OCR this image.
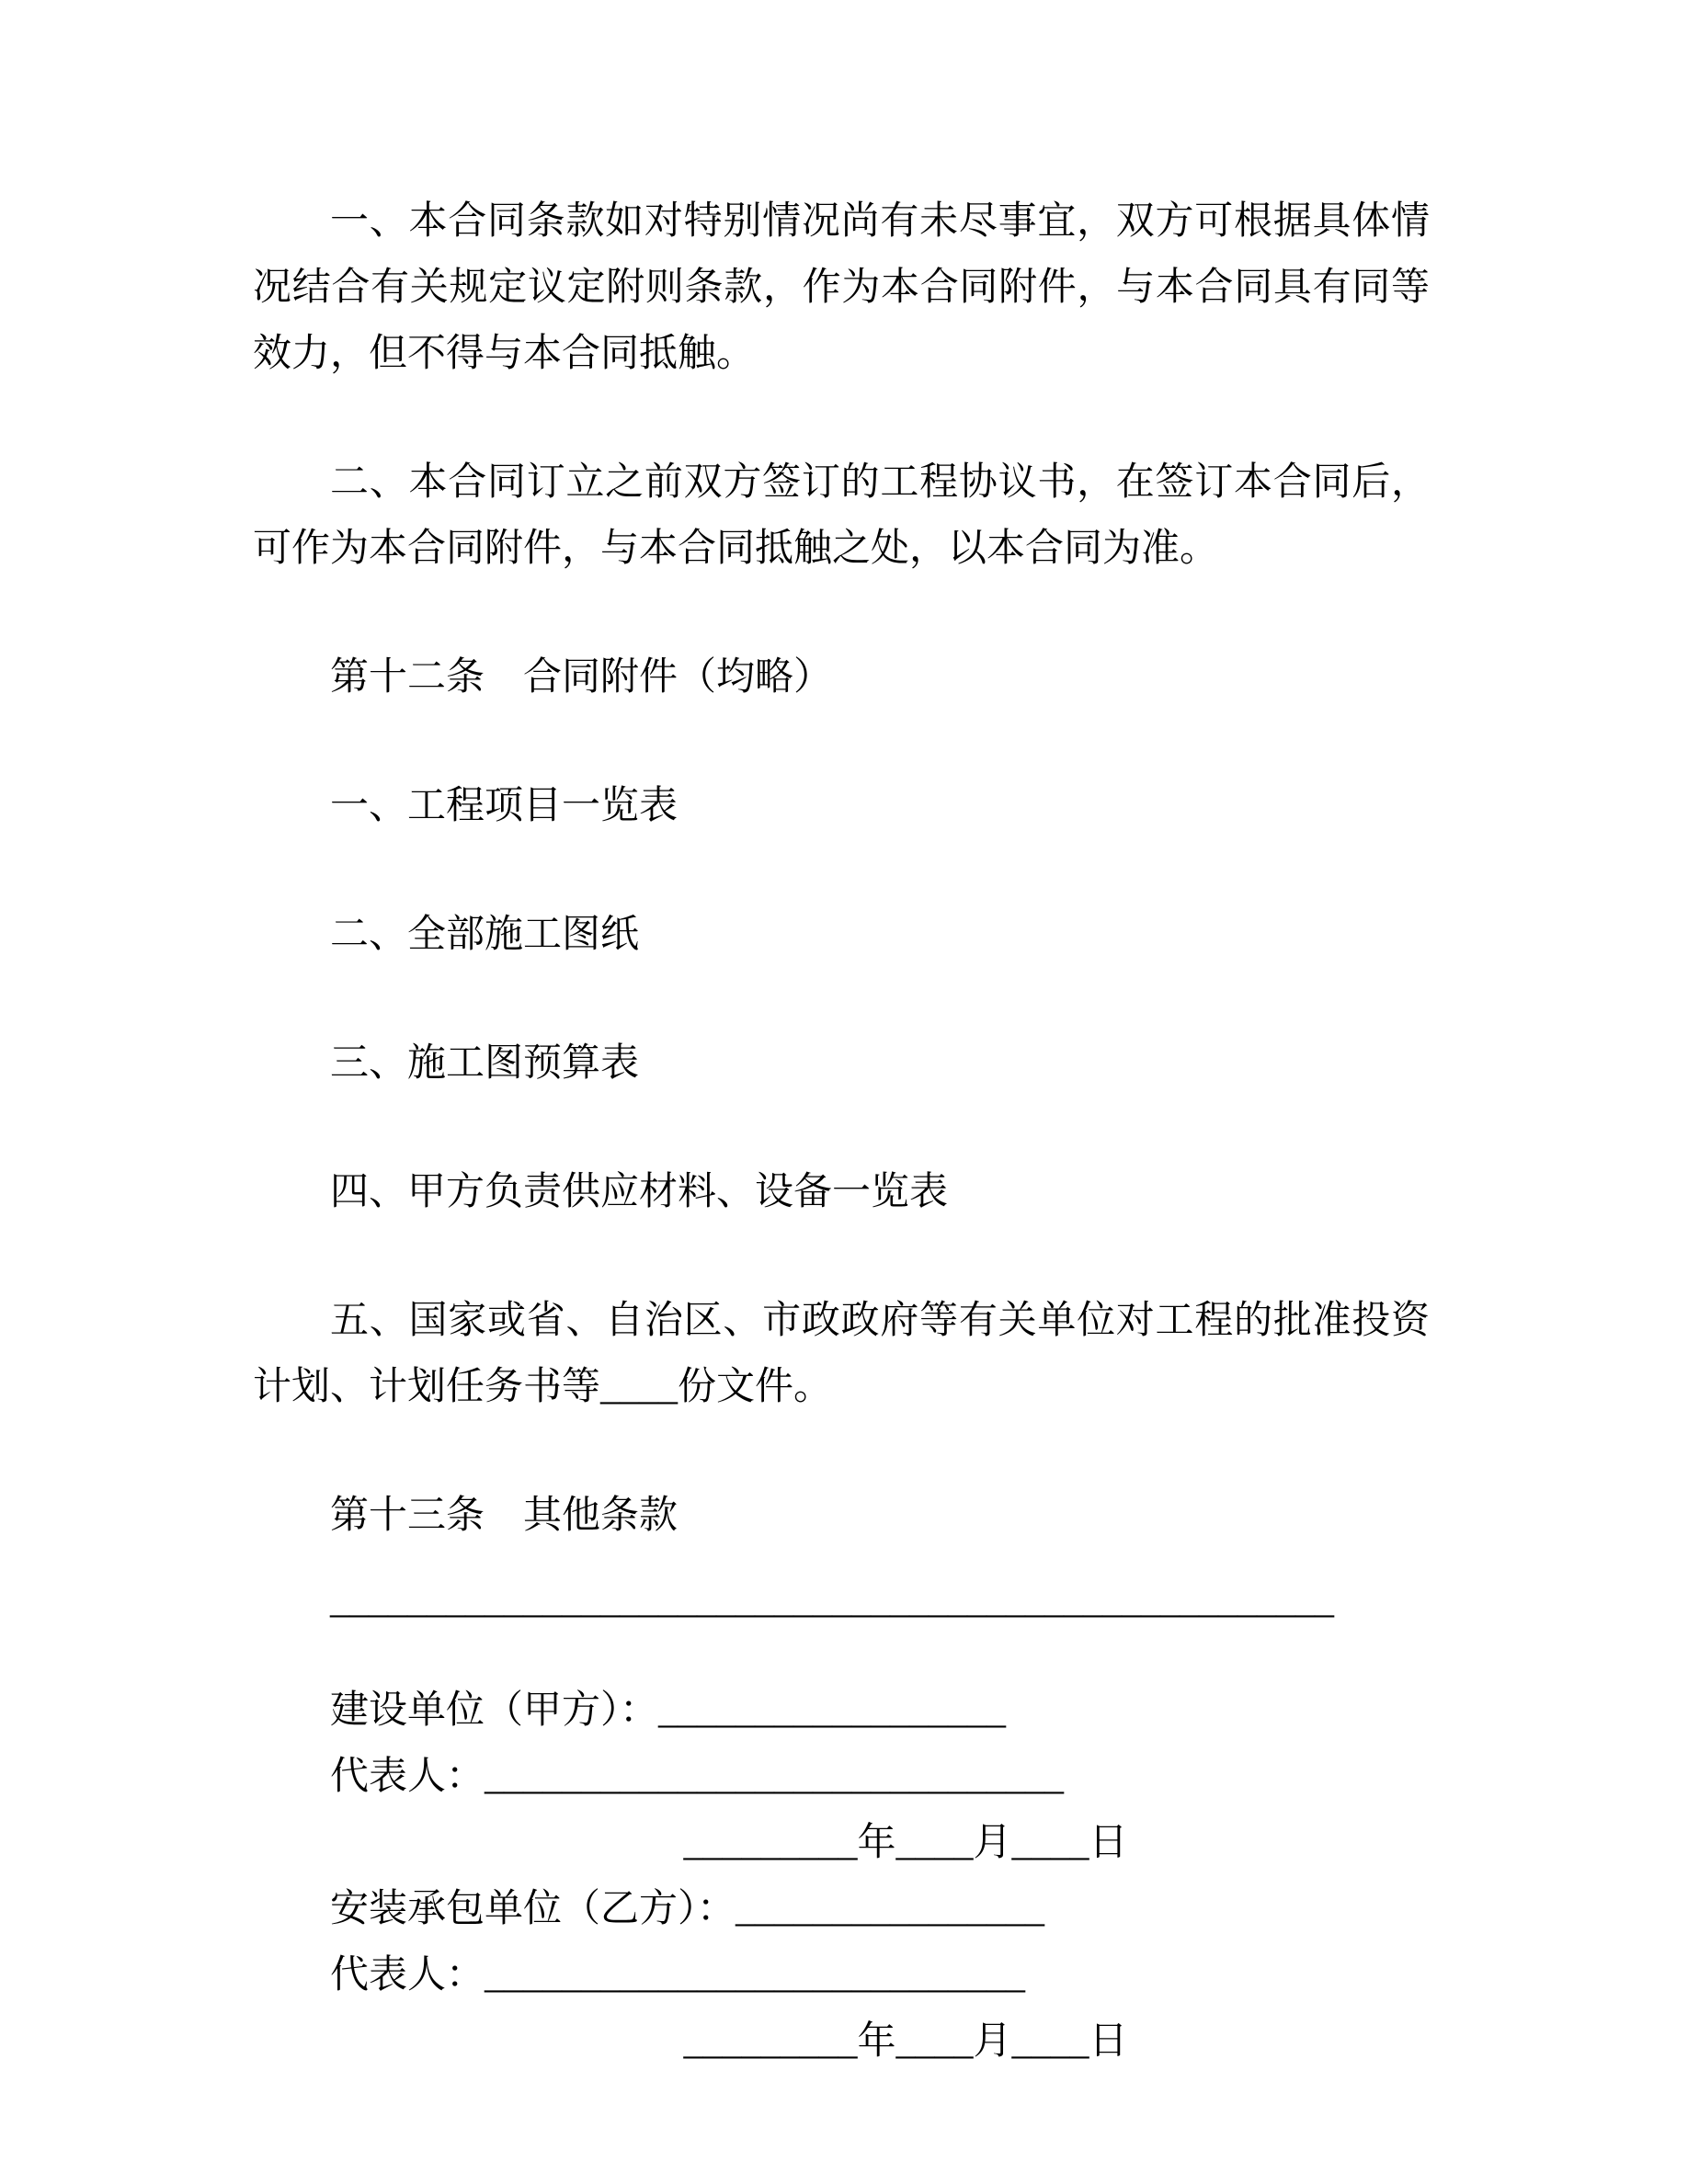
一、本合同条款如对特别情况尚有未尽事宜，双方可根据具体情况结合有关规定议定附则条款，作为本合同附件，与本合同具有同等效力，但不得与本合同抵触。

二、本合同订立之前双方签订的工程协议书，在签订本合同后，可作为本合同附件，与本合同抵触之处，以本合同为准。

第十二条　合同附件（均略）

一、工程项目一览表

二、全部施工图纸

三、施工图预算表

四、甲方负责供应材料、设备一览表

五、国家或省、自治区、市政政府等有关单位对工程的批准投资计划、计划任务书等____份文件。

第十三条　其他条款

____________________________________________________

建设单位（甲方）：__________________

代表人：______________________________

_________年____月____日

安装承包单位（乙方）：________________

代表人：____________________________

_________年____月____日
